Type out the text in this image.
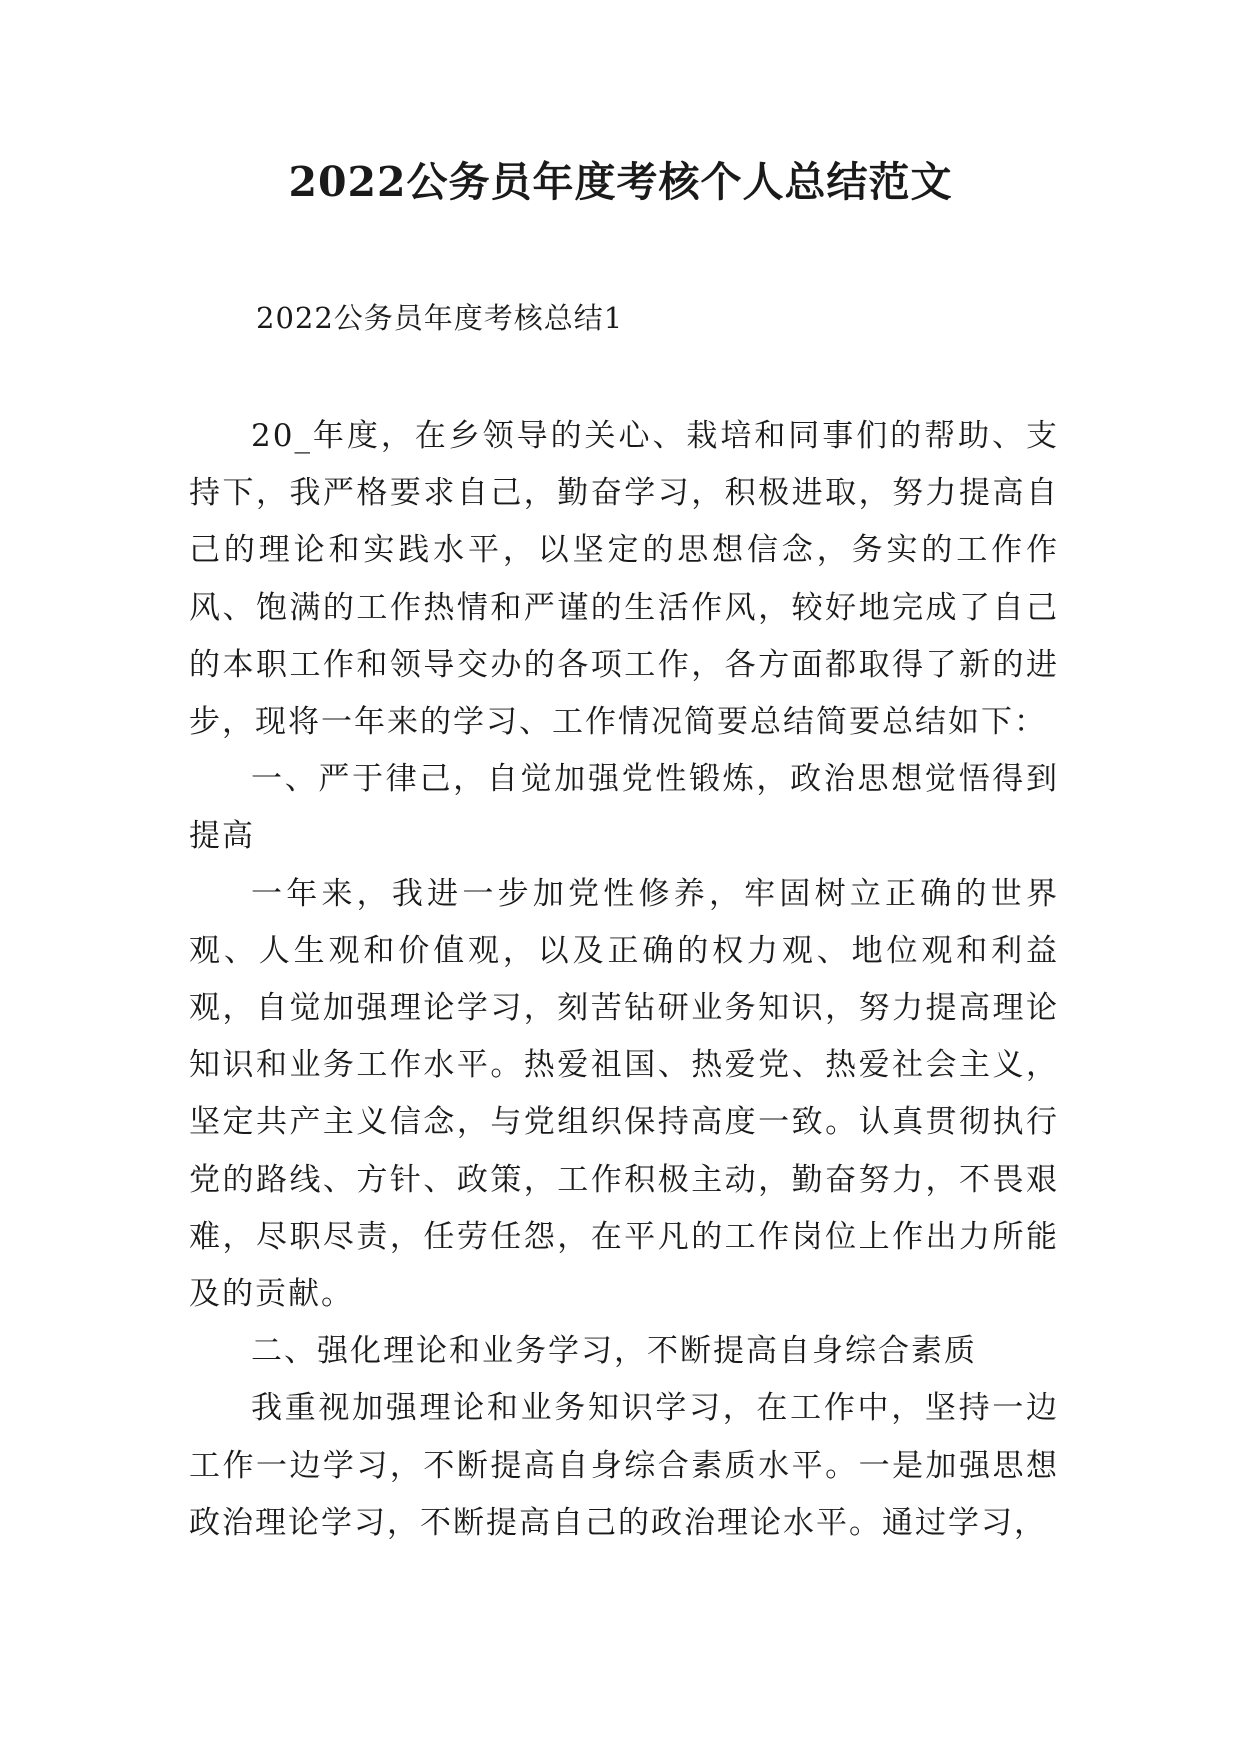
2022公务员年度考核个人总结范文

2022公务员年度考核总结1

20_年度，在乡领导的关心、栽培和同事们的帮助、支持下，我严格要求自己，勤奋学习，积极进取，努力提高自己的理论和实践水平，以坚定的思想信念，务实的工作作风、饱满的工作热情和严谨的生活作风，较好地完成了自己的本职工作和领导交办的各项工作，各方面都取得了新的进步，现将一年来的学习、工作情况简要总结简要总结如下：

一、严于律己，自觉加强党性锻炼，政治思想觉悟得到提高

一年来，我进一步加党性修养，牢固树立正确的世界观、人生观和价值观，以及正确的权力观、地位观和利益观，自觉加强理论学习，刻苦钻研业务知识，努力提高理论知识和业务工作水平。热爱祖国、热爱党、热爱社会主义，坚定共产主义信念，与党组织保持高度一致。认真贯彻执行党的路线、方针、政策，工作积极主动，勤奋努力，不畏艰难，尽职尽责，任劳任怨，在平凡的工作岗位上作出力所能及的贡献。

二、强化理论和业务学习，不断提高自身综合素质

我重视加强理论和业务知识学习，在工作中，坚持一边工作一边学习，不断提高自身综合素质水平。一是加强思想政治理论学习，不断提高自己的政治理论水平。通过学习，
